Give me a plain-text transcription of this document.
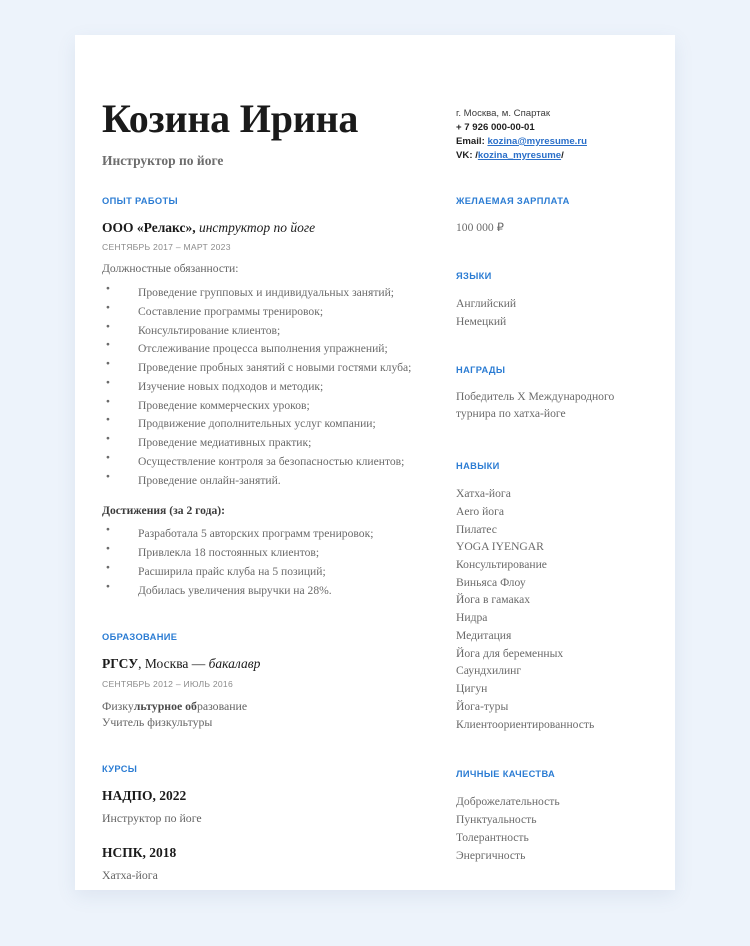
Козина Ирина
Инструктор по йоге
г. Москва, м. Спартак
+ 7 926 000-00-01
Email: kozina@myresume.ru
VK: /kozina_myresume/
ОПЫТ РАБОТЫ
ООО «Релакс», инструктор по йоге
СЕНТЯБРЬ 2017 – МАРТ 2023
Должностные обязанности:
● Проведение групповых и индивидуальных занятий;
● Составление программы тренировок;
● Консультирование клиентов;
● Отслеживание процесса выполнения упражнений;
● Проведение пробных занятий с новыми гостями клуба;
● Изучение новых подходов и методик;
● Проведение коммерческих уроков;
● Продвижение дополнительных услуг компании;
● Проведение медиативных практик;
● Осуществление контроля за безопасностью клиентов;
● Проведение онлайн-занятий.
Достижения (за 2 года):
● Разработала 5 авторских программ тренировок;
● Привлекла 18 постоянных клиентов;
● Расширила прайс клуба на 5 позиций;
● Добилась увеличения выручки на 28%.
ОБРАЗОВАНИЕ
РГСУ, Москва — бакалавр
СЕНТЯБРЬ 2012 – ИЮЛЬ 2016
Физкультурное образование
Учитель физкультуры
КУРСЫ
НАДПО, 2022
Инструктор по йоге
НСПК, 2018
Хатха-йога
ЖЕЛАЕМАЯ ЗАРПЛАТА
100 000 ₽
ЯЗЫКИ
Английский
Немецкий
НАГРАДЫ
Победитель X Международного турнира по хатха-йоге
НАВЫКИ
Хатха-йога
Aero йога
Пилатес
YOGA IYENGAR
Консультирование
Виньяса Флоу
Йога в гамаках
Нидра
Медитация
Йога для беременных
Саундхилинг
Цигун
Йога-туры
Клиентоориентированность
ЛИЧНЫЕ КАЧЕСТВА
Доброжелательность
Пунктуальность
Толерантность
Энергичность
